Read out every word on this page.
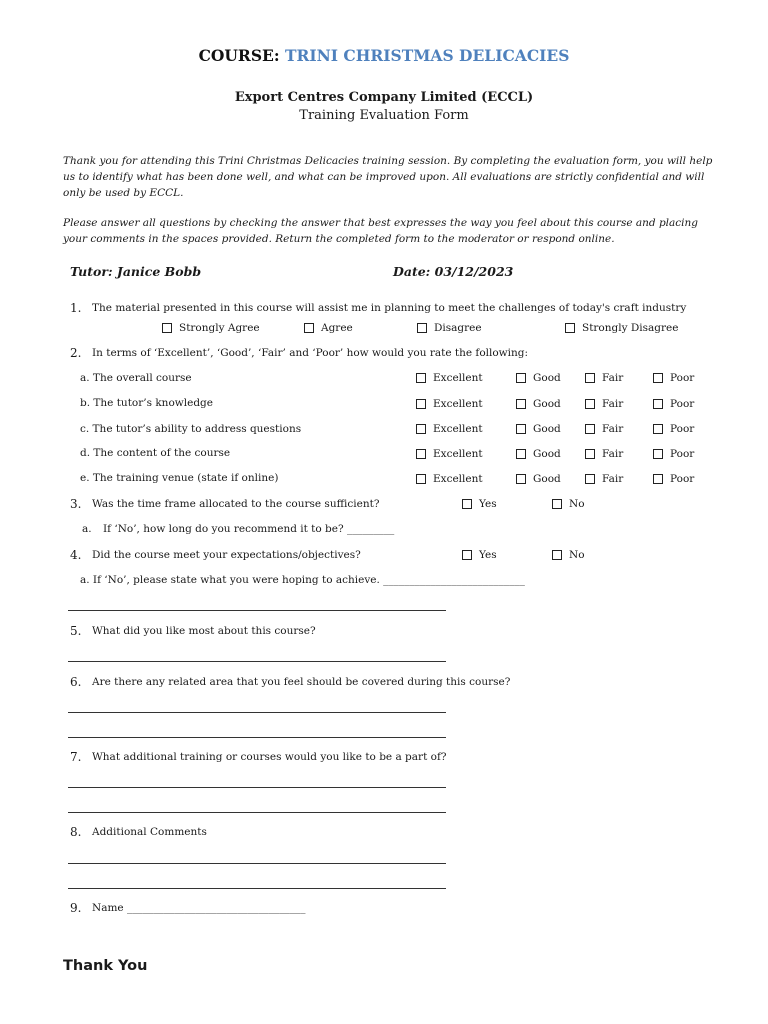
COURSE: TRINI CHRISTMAS DELICACIES
Export Centres Company Limited (ECCL)
Training Evaluation Form
Thank you for attending this Trini Christmas Delicacies training session. By completing the evaluation form, you will help us to identify what has been done well, and what can be improved upon. All evaluations are strictly confidential and will only be used by ECCL.
Please answer all questions by checking the answer that best expresses the way you feel about this course and placing your comments in the spaces provided. Return the completed form to the moderator or respond online.
Tutor: Janice Bobb	Date: 03/12/2023
1. The material presented in this course will assist me in planning to meet the challenges of today's craft industry
Strongly Agree	Agree	Disagree	Strongly Disagree
2. In terms of ‘Excellent’, ‘Good’, ‘Fair’ and ‘Poor’ how would you rate the following:
a. The overall course	Excellent	Good	Fair	Poor
b. The tutor’s knowledge	Excellent	Good	Fair	Poor
c. The tutor’s ability to address questions	Excellent	Good	Fair	Poor
d. The content of the course	Excellent	Good	Fair	Poor
e. The training venue (state if online)	Excellent	Good	Fair	Poor
3. Was the time frame allocated to the course sufficient?	Yes	No
a. If ‘No’, how long do you recommend it to be? _________
4. Did the course meet your expectations/objectives?	Yes	No
a. If ‘No’, please state what you were hoping to achieve. ___________________________
5. What did you like most about this course?
6. Are there any related area that you feel should be covered during this course?
7. What additional training or courses would you like to be a part of?
8. Additional Comments
9. Name __________________________________
Thank You
